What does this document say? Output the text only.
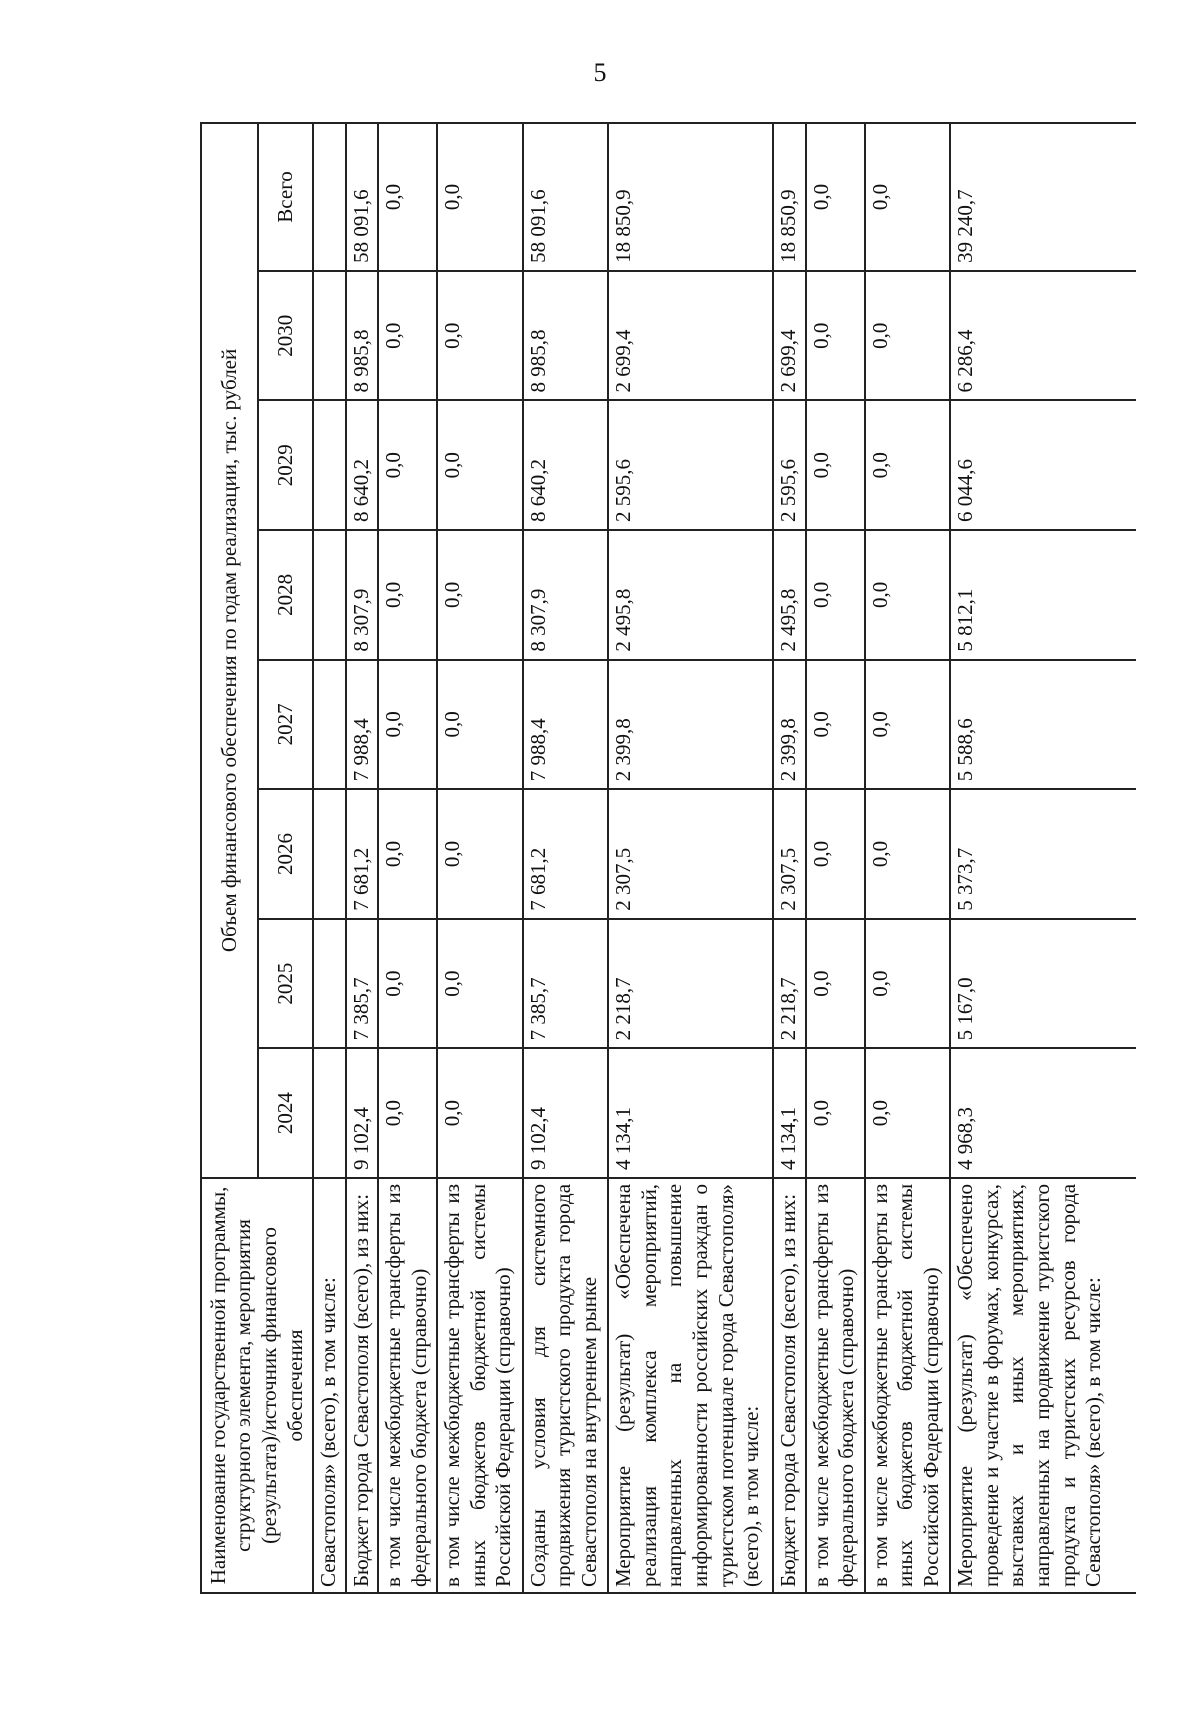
5
Наименование государственной программы, структурного элемента, мероприятия (результата)/источник финансового обеспечения	Объем финансового обеспечения по годам реализации, тыс. рублей							
	2024	2025	2026	2027	2028	2029	2030	Всего
Севастополя» (всего), в том числе:								
Бюджет города Севастополя (всего), из них:	9 102,4	7 385,7	7 681,2	7 988,4	8 307,9	8 640,2	8 985,8	58 091,6
в том числе межбюджетные трансферты из федерального бюджета (справочно)	0,0	0,0	0,0	0,0	0,0	0,0	0,0	0,0
в том числе межбюджетные трансферты из иных бюджетов бюджетной системы Российской Федерации (справочно)	0,0	0,0	0,0	0,0	0,0	0,0	0,0	0,0
Созданы условия для системного продвижения туристского продукта города Севастополя на внутреннем рынке	9 102,4	7 385,7	7 681,2	7 988,4	8 307,9	8 640,2	8 985,8	58 091,6
Мероприятие (результат) «Обеспечена реализация комплекса мероприятий, направленных на повышение информированности российских граждан о туристском потенциале города Севастополя» (всего), в том числе:	4 134,1	2 218,7	2 307,5	2 399,8	2 495,8	2 595,6	2 699,4	18 850,9
Бюджет города Севастополя (всего), из них:	4 134,1	2 218,7	2 307,5	2 399,8	2 495,8	2 595,6	2 699,4	18 850,9
в том числе межбюджетные трансферты из федерального бюджета (справочно)	0,0	0,0	0,0	0,0	0,0	0,0	0,0	0,0
в том числе межбюджетные трансферты из иных бюджетов бюджетной системы Российской Федерации (справочно)	0,0	0,0	0,0	0,0	0,0	0,0	0,0	0,0
Мероприятие (результат) «Обеспечено проведение и участие в форумах, конкурсах, выставках и иных мероприятиях, направленных на продвижение туристского продукта и туристских ресурсов города Севастополя» (всего), в том числе:	4 968,3	5 167,0	5 373,7	5 588,6	5 812,1	6 044,6	6 286,4	39 240,7
